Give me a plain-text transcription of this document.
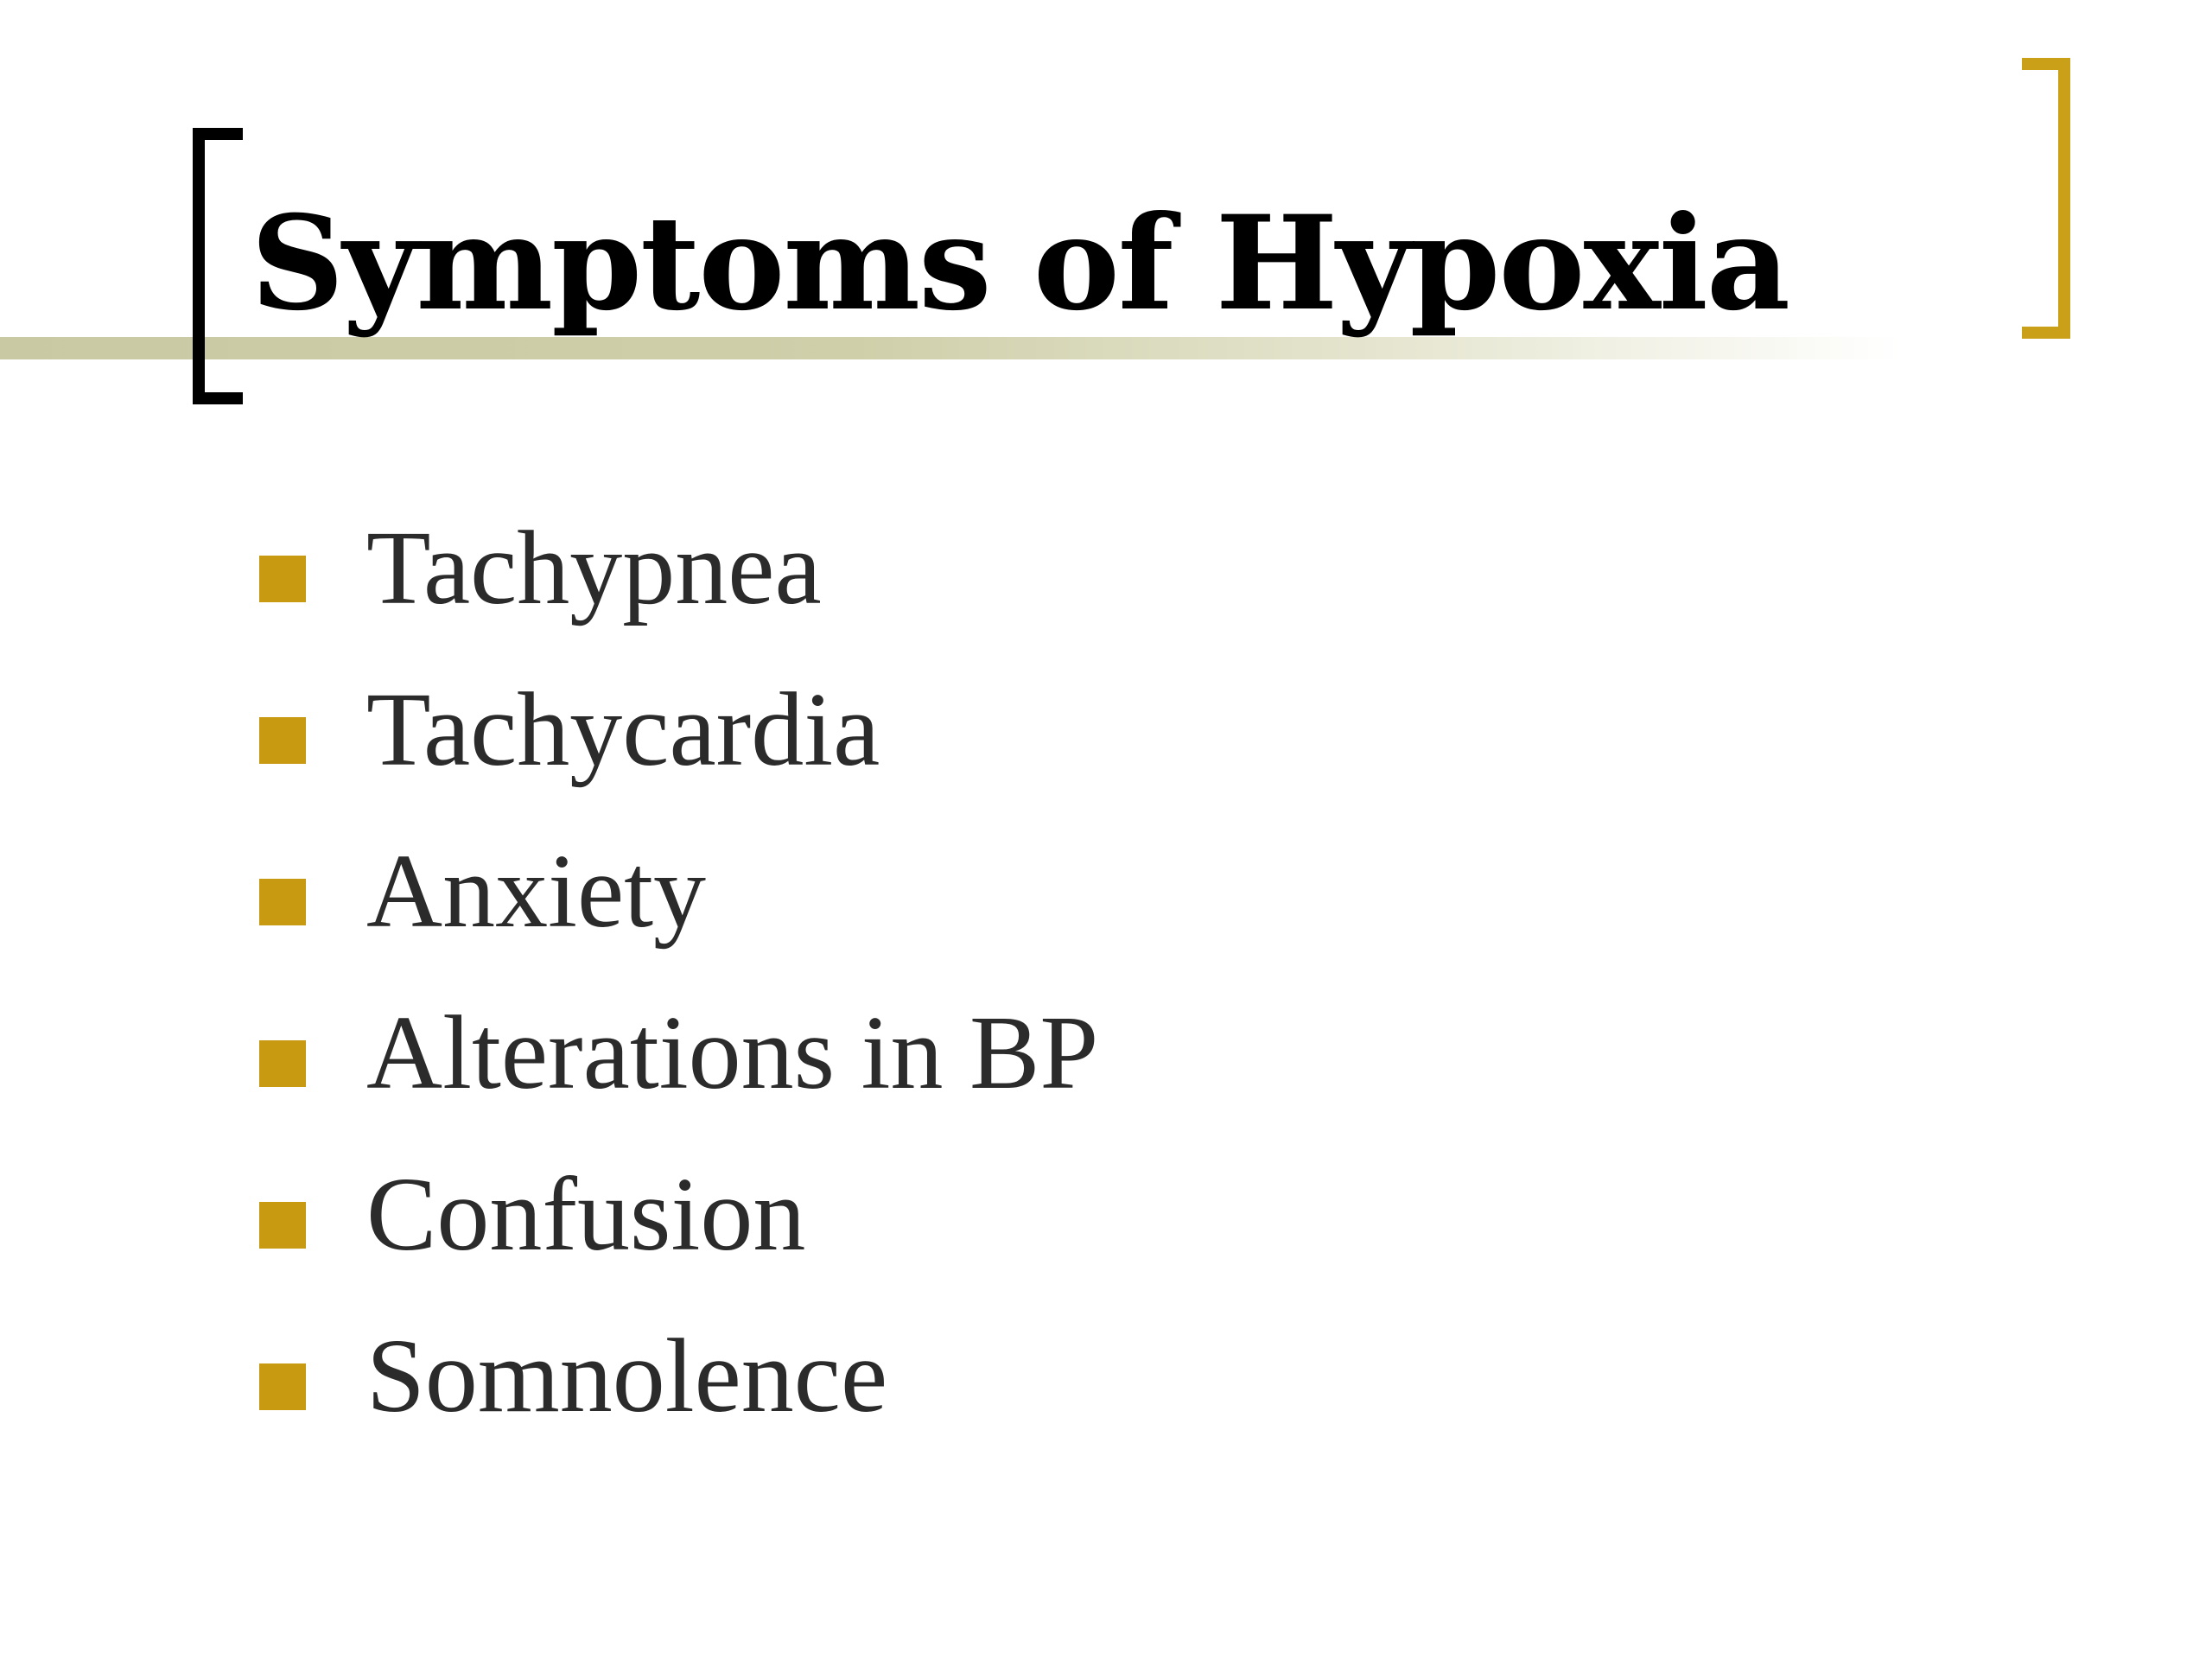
Symptoms of Hypoxia
Tachypnea
Tachycardia
Anxiety
Alterations in BP
Confusion
Somnolence
